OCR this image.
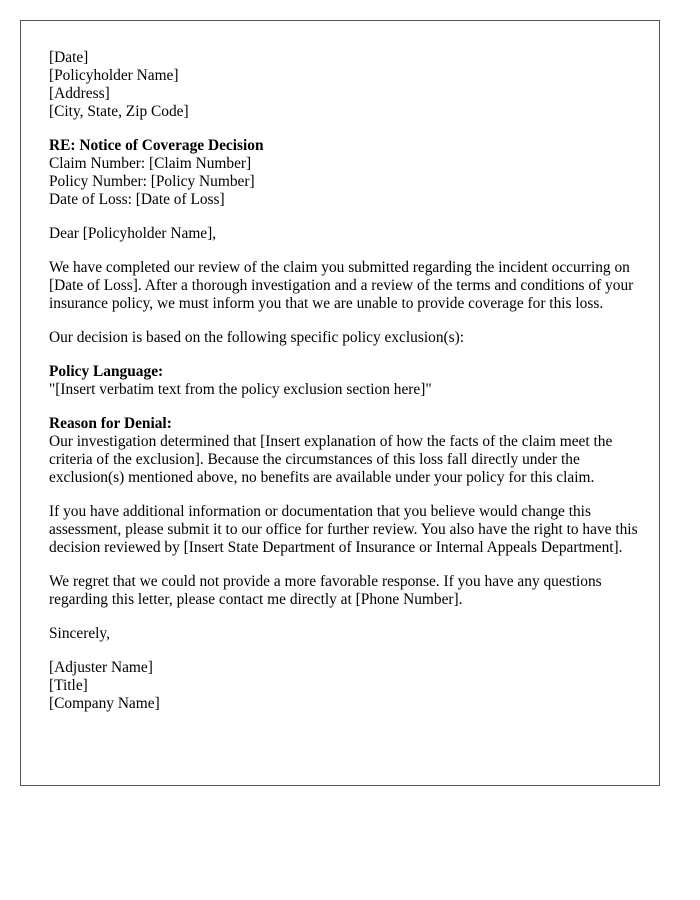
[Date]
[Policyholder Name]
[Address]
[City, State, Zip Code]
RE: Notice of Coverage Decision
Claim Number: [Claim Number]
Policy Number: [Policy Number]
Date of Loss: [Date of Loss]
Dear [Policyholder Name],
We have completed our review of the claim you submitted regarding the incident occurring on [Date of Loss]. After a thorough investigation and a review of the terms and conditions of your insurance policy, we must inform you that we are unable to provide coverage for this loss.
Our decision is based on the following specific policy exclusion(s):
Policy Language:
"[Insert verbatim text from the policy exclusion section here]"
Reason for Denial:
Our investigation determined that [Insert explanation of how the facts of the claim meet the criteria of the exclusion]. Because the circumstances of this loss fall directly under the exclusion(s) mentioned above, no benefits are available under your policy for this claim.
If you have additional information or documentation that you believe would change this assessment, please submit it to our office for further review. You also have the right to have this decision reviewed by [Insert State Department of Insurance or Internal Appeals Department].
We regret that we could not provide a more favorable response. If you have any questions regarding this letter, please contact me directly at [Phone Number].
Sincerely,
[Adjuster Name]
[Title]
[Company Name]
